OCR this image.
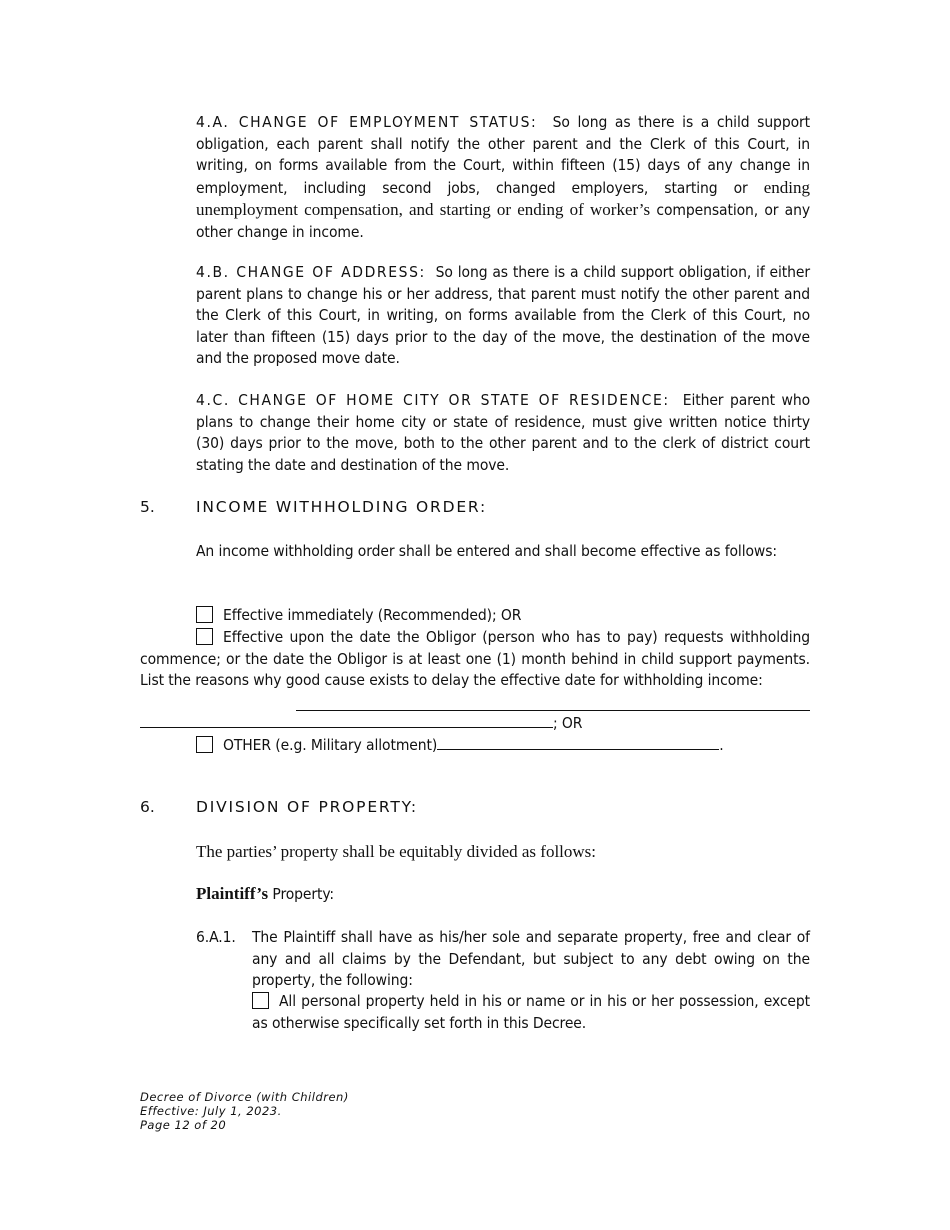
4.A. CHANGE OF EMPLOYMENT STATUS: So long as there is a child support obligation, each parent shall notify the other parent and the Clerk of this Court, in writing, on forms available from the Court, within fifteen (15) days of any change in employment, including second jobs, changed employers, starting or ending unemployment compensation, and starting or ending of worker’s compensation, or any other change in income.
4.B. CHANGE OF ADDRESS: So long as there is a child support obligation, if either parent plans to change his or her address, that parent must notify the other parent and the Clerk of this Court, in writing, on forms available from the Clerk of this Court, no later than fifteen (15) days prior to the day of the move, the destination of the move and the proposed move date.
4.C. CHANGE OF HOME CITY OR STATE OF RESIDENCE: Either parent who plans to change their home city or state of residence, must give written notice thirty (30) days prior to the move, both to the other parent and to the clerk of district court stating the date and destination of the move.
5.	INCOME WITHHOLDING ORDER:
An income withholding order shall be entered and shall become effective as follows:
Effective immediately (Recommended); OR
Effective upon the date the Obligor (person who has to pay) requests withholding commence; or the date the Obligor is at least one (1) month behind in child support payments. List the reasons why good cause exists to delay the effective date for withholding income:
; OR
OTHER (e.g. Military allotment)	.
6.	DIVISION OF PROPERTY:
The parties’ property shall be equitably divided as follows:
Plaintiff’s Property:
6.A.1. The Plaintiff shall have as his/her sole and separate property, free and clear of any and all claims by the Defendant, but subject to any debt owing on the property, the following:
All personal property held in his or name or in his or her possession, except as otherwise specifically set forth in this Decree.
Decree of Divorce (with Children)
Effective: July 1, 2023.
Page 12 of 20
